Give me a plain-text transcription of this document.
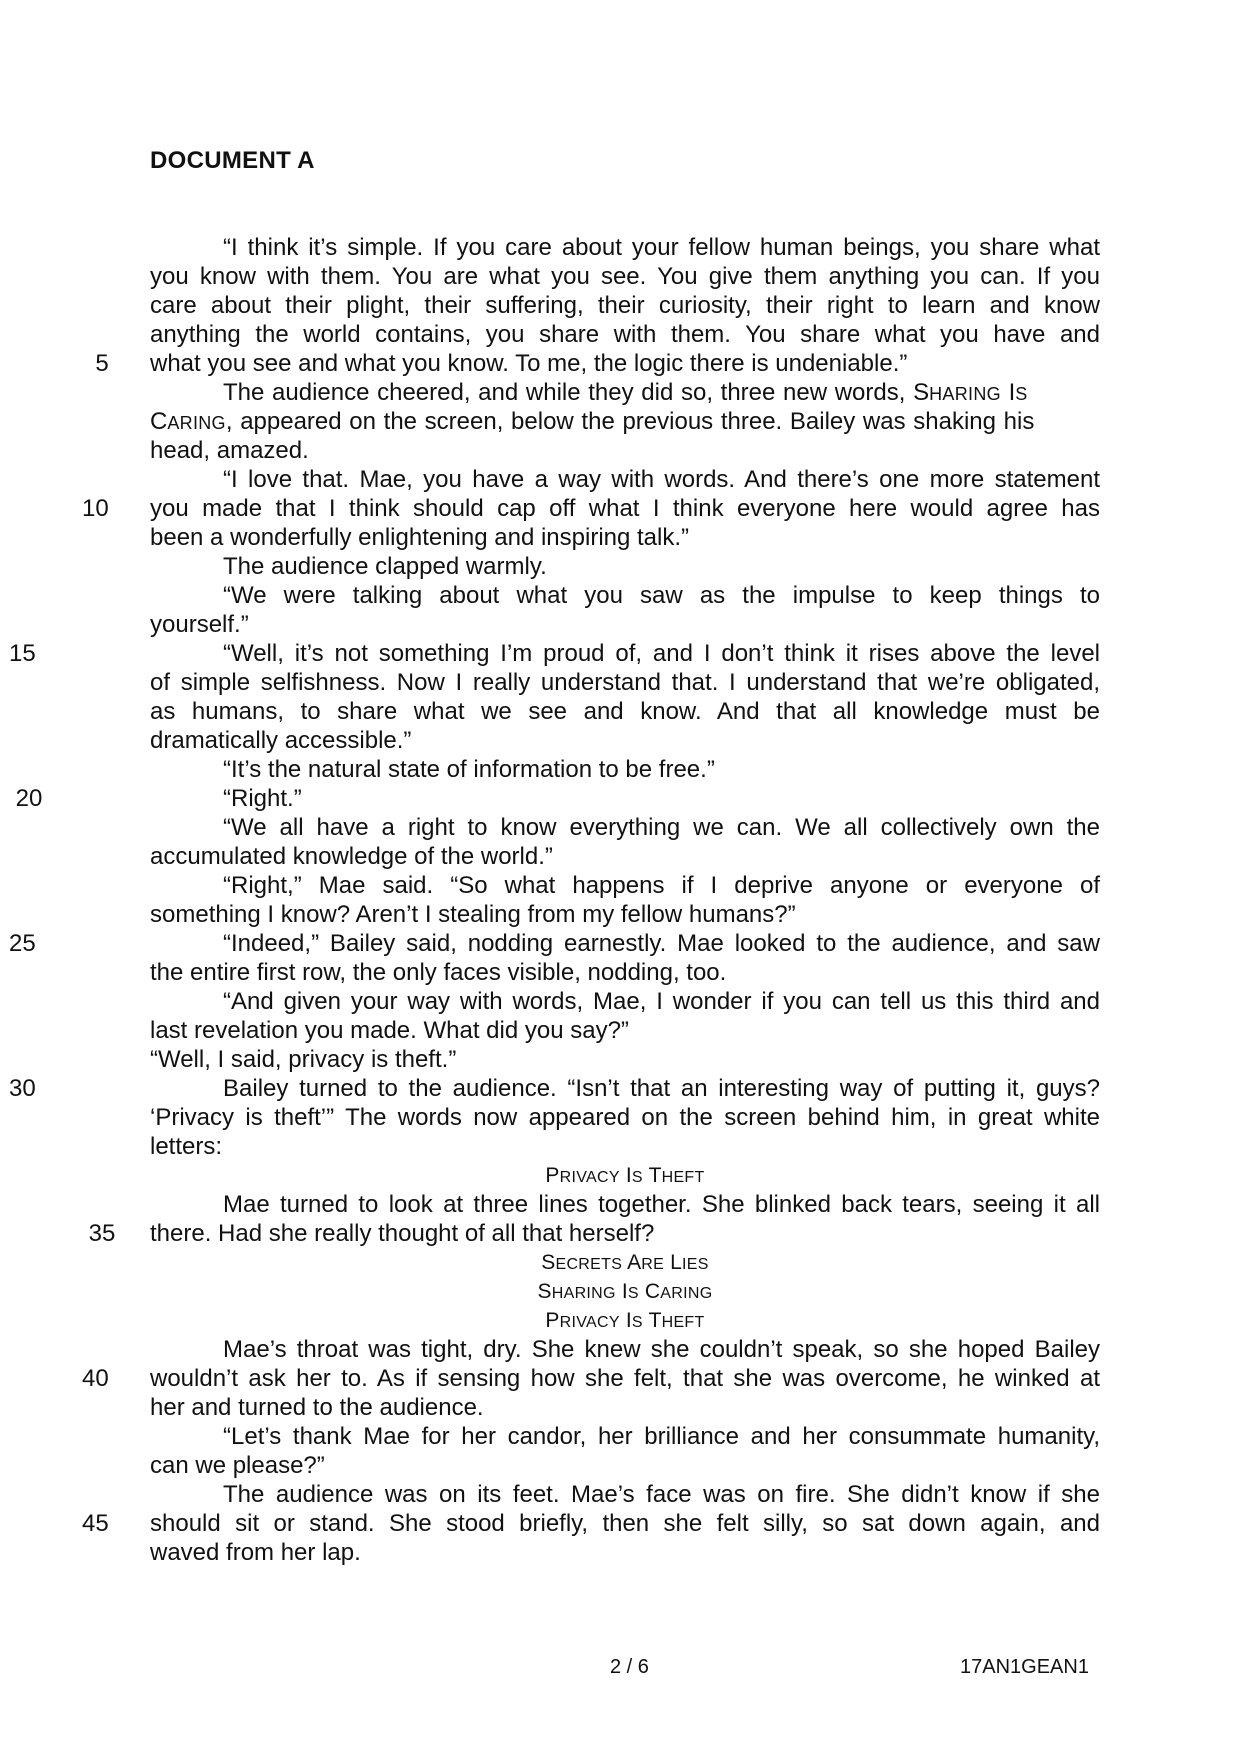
DOCUMENT A
“I think it’s simple. If you care about your fellow human beings, you share what
you know with them. You are what you see. You give them anything you can. If you
care about their plight, their suffering, their curiosity, their right to learn and know
anything the world contains, you share with them. You share what you have and
5	what you see and what you know. To me, the logic there is undeniable.”
The audience cheered, and while they did so, three new words, SHARING IS
CARING, appeared on the screen, below the previous three. Bailey was shaking his
head, amazed.
“I love that. Mae, you have a way with words. And there’s one more statement
10	you made that I think should cap off what I think everyone here would agree has
been a wonderfully enlightening and inspiring talk.”
The audience clapped warmly.
“We were talking about what you saw as the impulse to keep things to
yourself.”
15	“Well, it’s not something I’m proud of, and I don’t think it rises above the level
of simple selfishness. Now I really understand that. I understand that we’re obligated,
as humans, to share what we see and know. And that all knowledge must be
dramatically accessible.”
“It’s the natural state of information to be free.”
20	“Right.”
“We all have a right to know everything we can. We all collectively own the
accumulated knowledge of the world.”
“Right,” Mae said. “So what happens if I deprive anyone or everyone of
something I know? Aren’t I stealing from my fellow humans?”
25	“Indeed,” Bailey said, nodding earnestly. Mae looked to the audience, and saw
the entire first row, the only faces visible, nodding, too.
“And given your way with words, Mae, I wonder if you can tell us this third and
last revelation you made. What did you say?”
“Well, I said, privacy is theft.”
30	Bailey turned to the audience. “Isn’t that an interesting way of putting it, guys?
‘Privacy is theft’” The words now appeared on the screen behind him, in great white
letters:
PRIVACY IS THEFT
Mae turned to look at three lines together. She blinked back tears, seeing it all
35 there. Had she really thought of all that herself?
SECRETS ARE LIES
SHARING IS CARING
PRIVACY IS THEFT
Mae’s throat was tight, dry. She knew she couldn’t speak, so she hoped Bailey
40	wouldn’t ask her to. As if sensing how she felt, that she was overcome, he winked at
her and turned to the audience.
“Let’s thank Mae for her candor, her brilliance and her consummate humanity,
can we please?”
The audience was on its feet. Mae’s face was on fire. She didn’t know if she
45	should sit or stand. She stood briefly, then she felt silly, so sat down again, and
waved from her lap.
2 / 6	17AN1GEAN1
